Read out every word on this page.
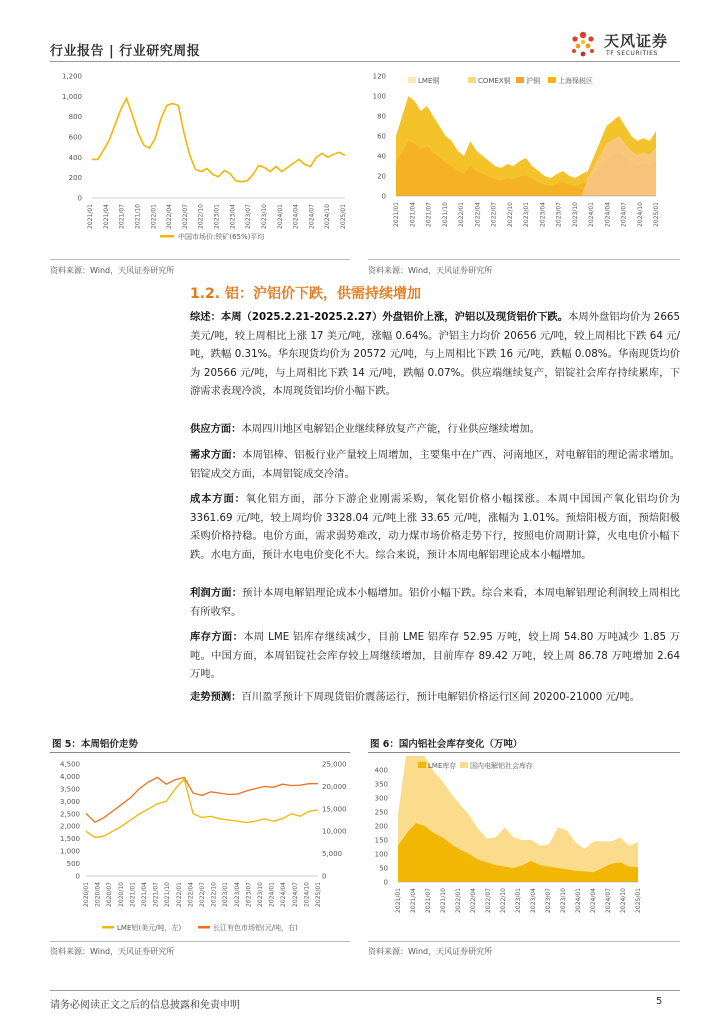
行业报告 | 行业研究周报
天风证券
TF SECURITIES
1,200
1,000
800
600
400
200
0
2021/01 2021/04 2021/07 2021/10 2022/01 2022/04 2022/07 2022/10 2023/01 2023/04 2023/07 2023/10 2024/01 2024/04 2024/07 2024/10 2025/01
中国市场价:铁矿(65%)平均
资料来源：Wind，天风证券研究所
120
100
80
60
40
20
0
2021/01 2021/04 2021/07 2021/10 2022/01 2022/04 2022/07 2022/10 2023/01 2023/04 2023/07 2023/10 2024/01 2024/04 2024/07 2024/10 2025/01
LME铜	COMEX铜 沪铜	上海保税区
资料来源：Wind，天风证券研究所
1.2. 铝：沪铝价下跌，供需持续增加
综述：本周（2025.2.21-2025.2.27）外盘铝价上涨，沪铝以及现货铝价下跌。本周外盘铝均价为 2665 美元/吨，较上周相比上涨 17 美元/吨，涨幅 0.64%。沪铝主力均价 20656 元/吨，较上周相比下跌 64 元/吨，跌幅 0.31%。华东现货均价为 20572 元/吨，与上周相比下跌 16 元/吨，跌幅 0.08%。华南现货均价为 20566 元/吨，与上周相比下跌 14 元/吨，跌幅 0.07%。供应端继续复产，铝锭社会库存持续累库，下游需求表现冷淡，本周现货铝均价小幅下跌。
供应方面：本周四川地区电解铝企业继续释放复产产能，行业供应继续增加。
需求方面：本周铝棒、铝板行业产量较上周增加，主要集中在广西、河南地区，对电解铝的理论需求增加。铝锭成交方面，本周铝锭成交冷清。
成本方面：氧化铝方面，部分下游企业刚需采购，氧化铝价格小幅探涨。本周中国国产氧化铝均价为 3361.69 元/吨，较上周均价 3328.04 元/吨上涨 33.65 元/吨，涨幅为 1.01%。预焙阳极方面，预焙阳极采购价格持稳。电价方面，需求弱势难改，动力煤市场价格走势下行，按照电价周期计算，火电电价小幅下跌。水电方面，预计水电电价变化不大。综合来说，预计本周电解铝理论成本小幅增加。
利润方面：预计本周电解铝理论成本小幅增加。铝价小幅下跌。综合来看，本周电解铝理论利润较上周相比有所收窄。
库存方面：本周 LME 铝库存继续减少，目前 LME 铝库存 52.95 万吨，较上周 54.80 万吨减少 1.85 万吨。中国方面，本周铝锭社会库存较上周继续增加，目前库存 89.42 万吨，较上周 86.78 万吨增加 2.64 万吨。
走势预测：百川盈孚预计下周现货铝价震荡运行，预计电解铝价格运行区间 20200-21000 元/吨。
图 5：本周铝价走势
4,500
4,000
3,500
3,000
2,500
2,000
1,500
1,000
500
0
25,000
20,000
15,000
10,000
5,000
0
2020/01 2020/04 2020/07 2020/10 2021/01 2021/04 2021/07 2021/10 2022/01 2022/04 2022/07 2022/10 2023/01 2023/04 2023/07 2023/10 2024/01 2024/04 2024/07 2024/10 2025/01
LME铝(美元/吨，左)	长江有色市场铝(元/吨，右)
资料来源：Wind，天风证券研究所
图 6：国内铝社会库存变化（万吨）
400
350
300
250
200
150
100
50
0
2021/01 2021/04 2021/07 2021/10 2022/01 2022/04 2022/07 2022/10 2023/01 2023/04 2023/07 2023/10 2024/01 2024/04 2024/07 2024/10 2025/01
LME库存 国内电解铝社会库存
资料来源：Wind，天风证券研究所
请务必阅读正文之后的信息披露和免责申明	5
